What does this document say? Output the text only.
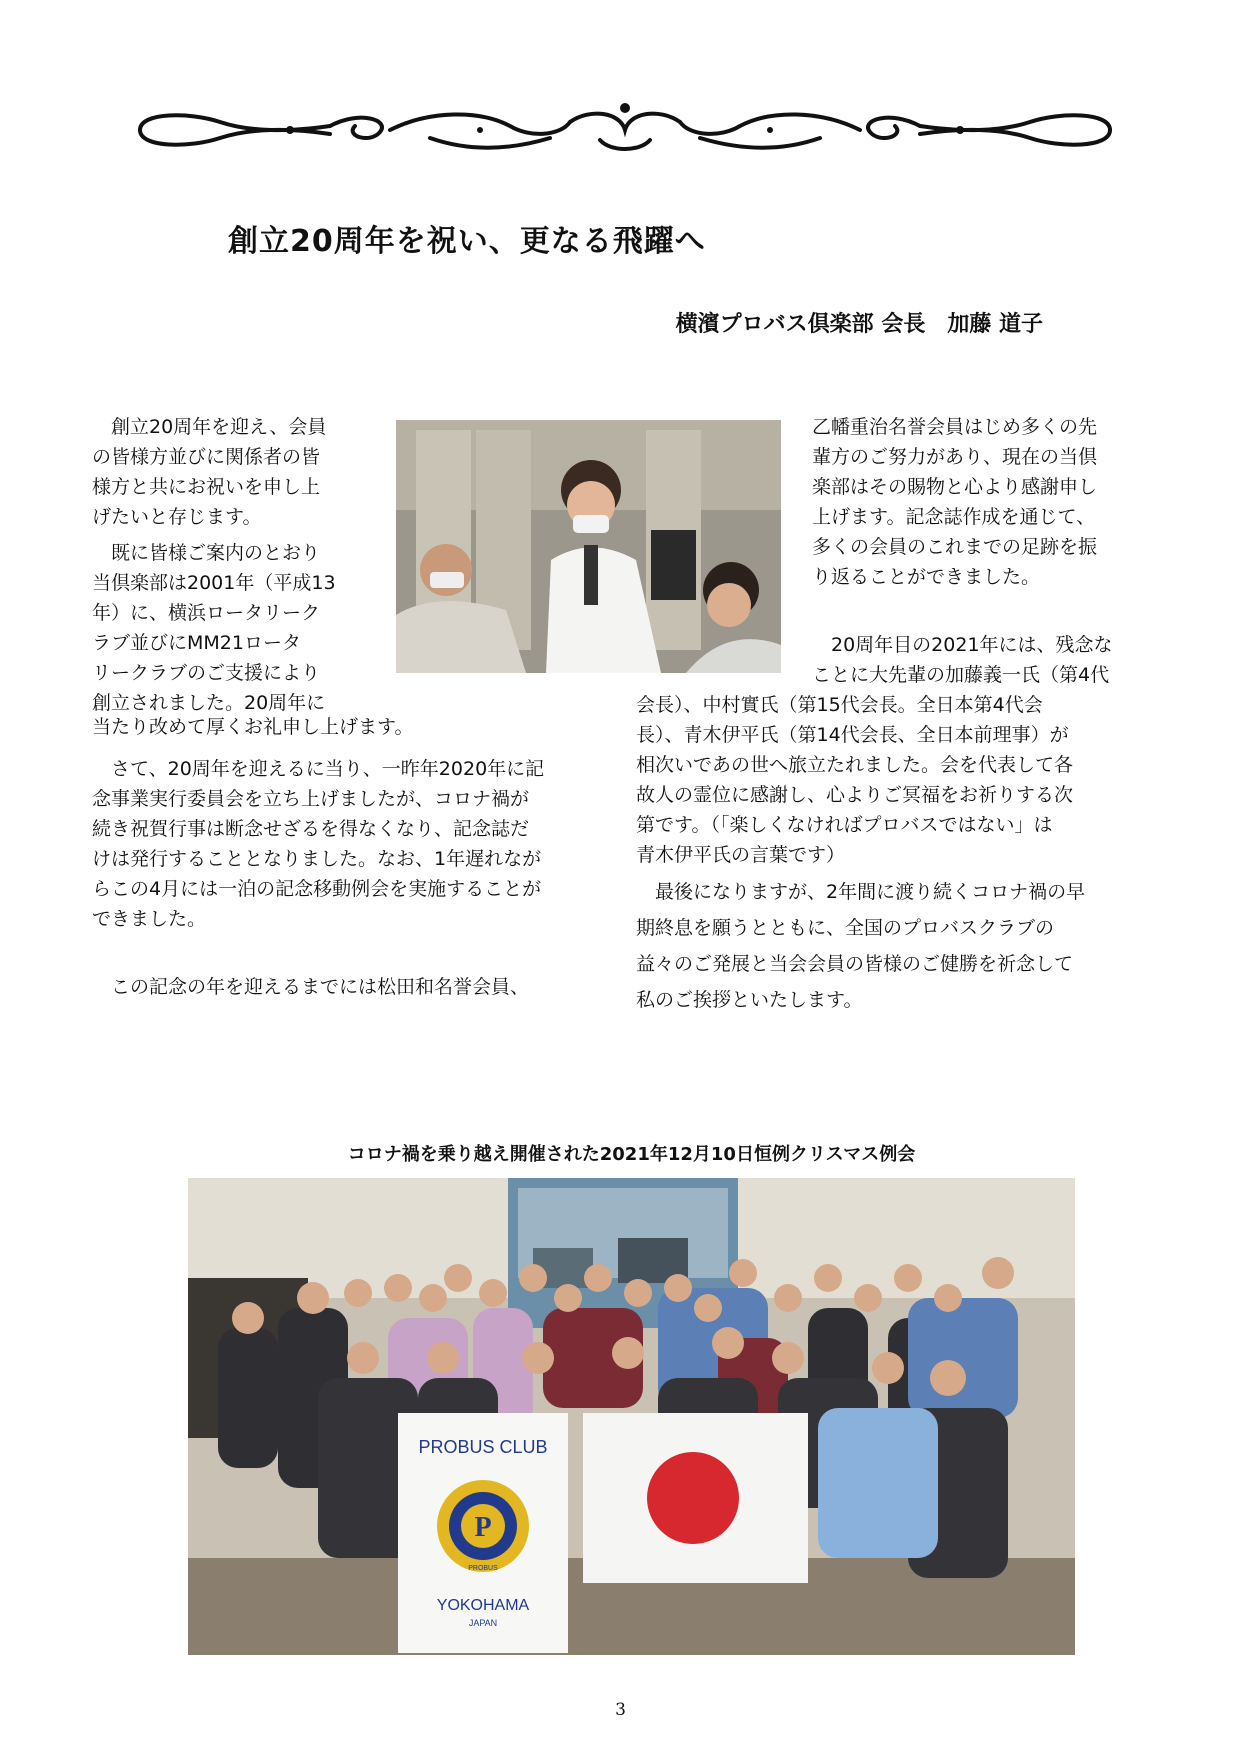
創立20周年を祝い、更なる飛躍へ
横濱プロバス倶楽部 会長　加藤 道子
　創立20周年を迎え、会員
の皆様方並びに関係者の皆
様方と共にお祝いを申し上
げたいと存じます。
　既に皆様ご案内のとおり
当倶楽部は2001年（平成13
年）に、横浜ロータリーク
ラブ並びにMM21ロータ
リークラブのご支援により
創立されました。20周年に
当たり改めて厚くお礼申し上げます。
　さて、20周年を迎えるに当り、一昨年2020年に記
念事業実行委員会を立ち上げましたが、コロナ禍が
続き祝賀行事は断念せざるを得なくなり、記念誌だ
けは発行することとなりました。なお、1年遅れなが
らこの4月には一泊の記念移動例会を実施することが
できました。
　この記念の年を迎えるまでには松田和名誉会員、
乙幡重治名誉会員はじめ多くの先
輩方のご努力があり、現在の当倶
楽部はその賜物と心より感謝申し
上げます。記念誌作成を通じて、
多くの会員のこれまでの足跡を振
り返ることができました。
　20周年目の2021年には、残念な
ことに大先輩の加藤義一氏（第4代
会長）、中村實氏（第15代会長。全日本第4代会
長）、青木伊平氏（第14代会長、全日本前理事）が
相次いであの世へ旅立たれました。会を代表して各
故人の霊位に感謝し、心よりご冥福をお祈りする次
第です。（「楽しくなければプロバスではない」は
青木伊平氏の言葉です）
　最後になりますが、2年間に渡り続くコロナ禍の早
期終息を願うとともに、全国のプロバスクラブの
益々のご発展と当会会員の皆様のご健勝を祈念して
私のご挨拶といたします。
コロナ禍を乗り越え開催された2021年12月10日恒例クリスマス例会
PROBUS CLUB
P
PROBUS
YOKOHAMA
JAPAN
3
